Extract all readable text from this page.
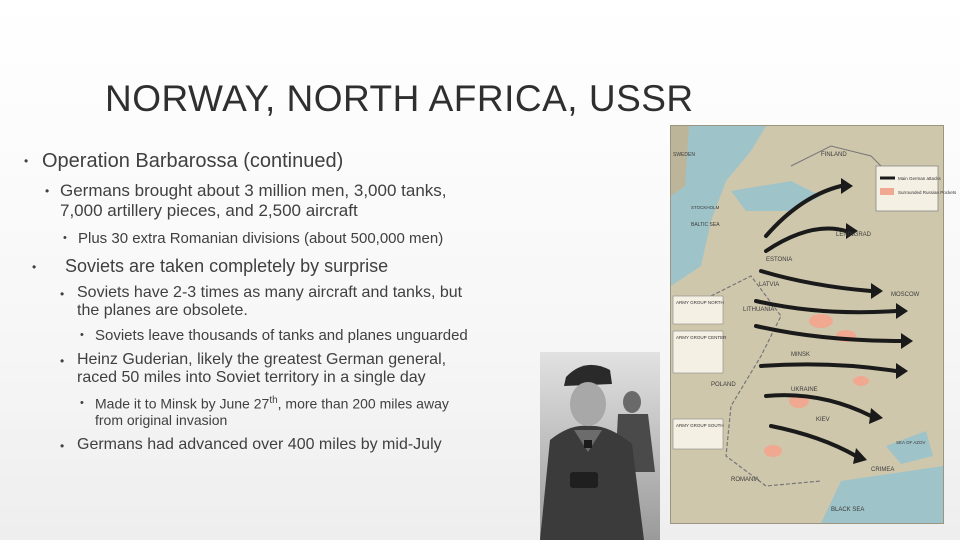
NORWAY, NORTH AFRICA, USSR
• Operation Barbarossa (continued)
• Germans brought about 3 million men, 3,000 tanks,
7,000 artillery pieces, and 2,500 aircraft
• Plus 30 extra Romanian divisions (about 500,000 men)
• Soviets are taken completely by surprise
• Soviets have 2-3 times as many aircraft and tanks, but
the planes are obsolete.
• Soviets leave thousands of tanks and planes unguarded
• Heinz Guderian, likely the greatest German general,
raced 50 miles into Soviet territory in a single day
• Made it to Minsk by June 27th, more than 200 miles away
from original invasion
• Germans had advanced over 400 miles by mid-July
Main German attacks
Surrounded Russian Pockets
ARMY GROUP NORTH
ARMY GROUP CENTER
ARMY GROUP SOUTH
FINLAND
ESTONIA
LATVIA
LITHUANIA
LENINGRAD
MOSCOW
MINSK
KIEV
UKRAINE
POLAND
ROMANIA
CRIMEA
BLACK SEA
SEA OF AZOV
BALTIC SEA
SWEDEN
STOCKHOLM
